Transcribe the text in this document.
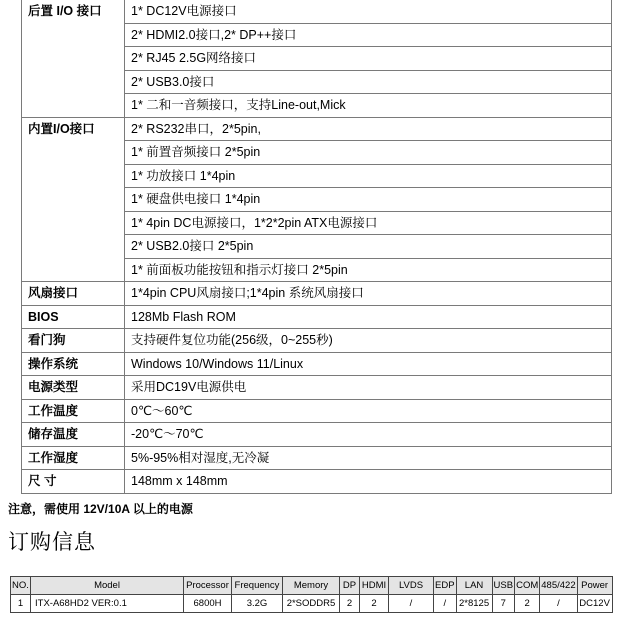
后置 I/O 接口	1* DC12V电源接口
	2* HDMI2.0接口,2* DP++接口
	2* RJ45 2.5G网络接口
	2* USB3.0接口
	1* 二和一音频接口，支持Line-out,Mick
内置I/O接口	2* RS232串口，2*5pin,
	1* 前置音频接口 2*5pin
	1* 功放接口 1*4pin
	1* 硬盘供电接口 1*4pin
	1* 4pin DC电源接口，1*2*2pin ATX电源接口
	2* USB2.0接口 2*5pin
	1* 前面板功能按钮和指示灯接口 2*5pin
风扇接口	1*4pin CPU风扇接口;1*4pin 系统风扇接口
BIOS	128Mb Flash ROM
看门狗	支持硬件复位功能(256级，0~255秒)
操作系统	Windows 10/Windows 11/Linux
电源类型	采用DC19V电源供电
工作温度	0℃～60℃
储存温度	-20℃～70℃
工作湿度	5%-95%相对湿度,无冷凝
尺 寸	148mm x 148mm
注意，需使用 12V/10A 以上的电源
订购信息
NO.	Model	Processor	Frequency	Memory	DP	HDMI	LVDS	EDP	LAN	USB	COM	485/422	Power
1	ITX-A68HD2 VER:0.1	6800H	3.2G	2*SODDR5	2	2	/	/	2*8125	7	2	/	DC12V
